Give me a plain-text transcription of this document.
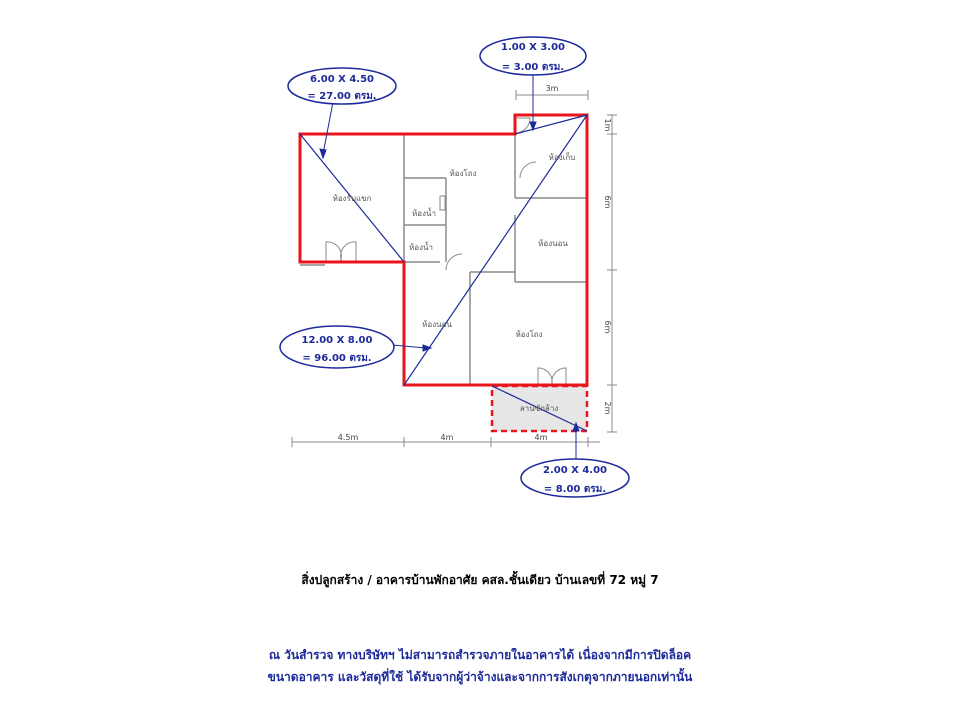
ห้องรับแขก
ห้องโถง
ห้องเก็บ
ห้องน้ำ
ห้องน้ำ	ห้องนอน
ห้องนอน
ห้องโถง
ลานซักล้าง
3m
4.5m	4m	4m
1m
6m
6m
2m
6.00 X 4.50
= 27.00 ตรม.
1.00 X 3.00
= 3.00 ตรม.
12.00 X 8.00
= 96.00 ตรม.
2.00 X 4.00
= 8.00 ตรม.
สิ่งปลูกสร้าง / อาคารบ้านพักอาศัย คสล.ชั้นเดียว บ้านเลขที่ 72 หมู่ 7
ณ วันสำรวจ ทางบริษัทฯ ไม่สามารถสำรวจภายในอาคารได้ เนื่องจากมีการปิดล็อค
ขนาดอาคาร และวัสดุที่ใช้ ได้รับจากผู้ว่าจ้างและจากการสังเกตุจากภายนอกเท่านั้น
